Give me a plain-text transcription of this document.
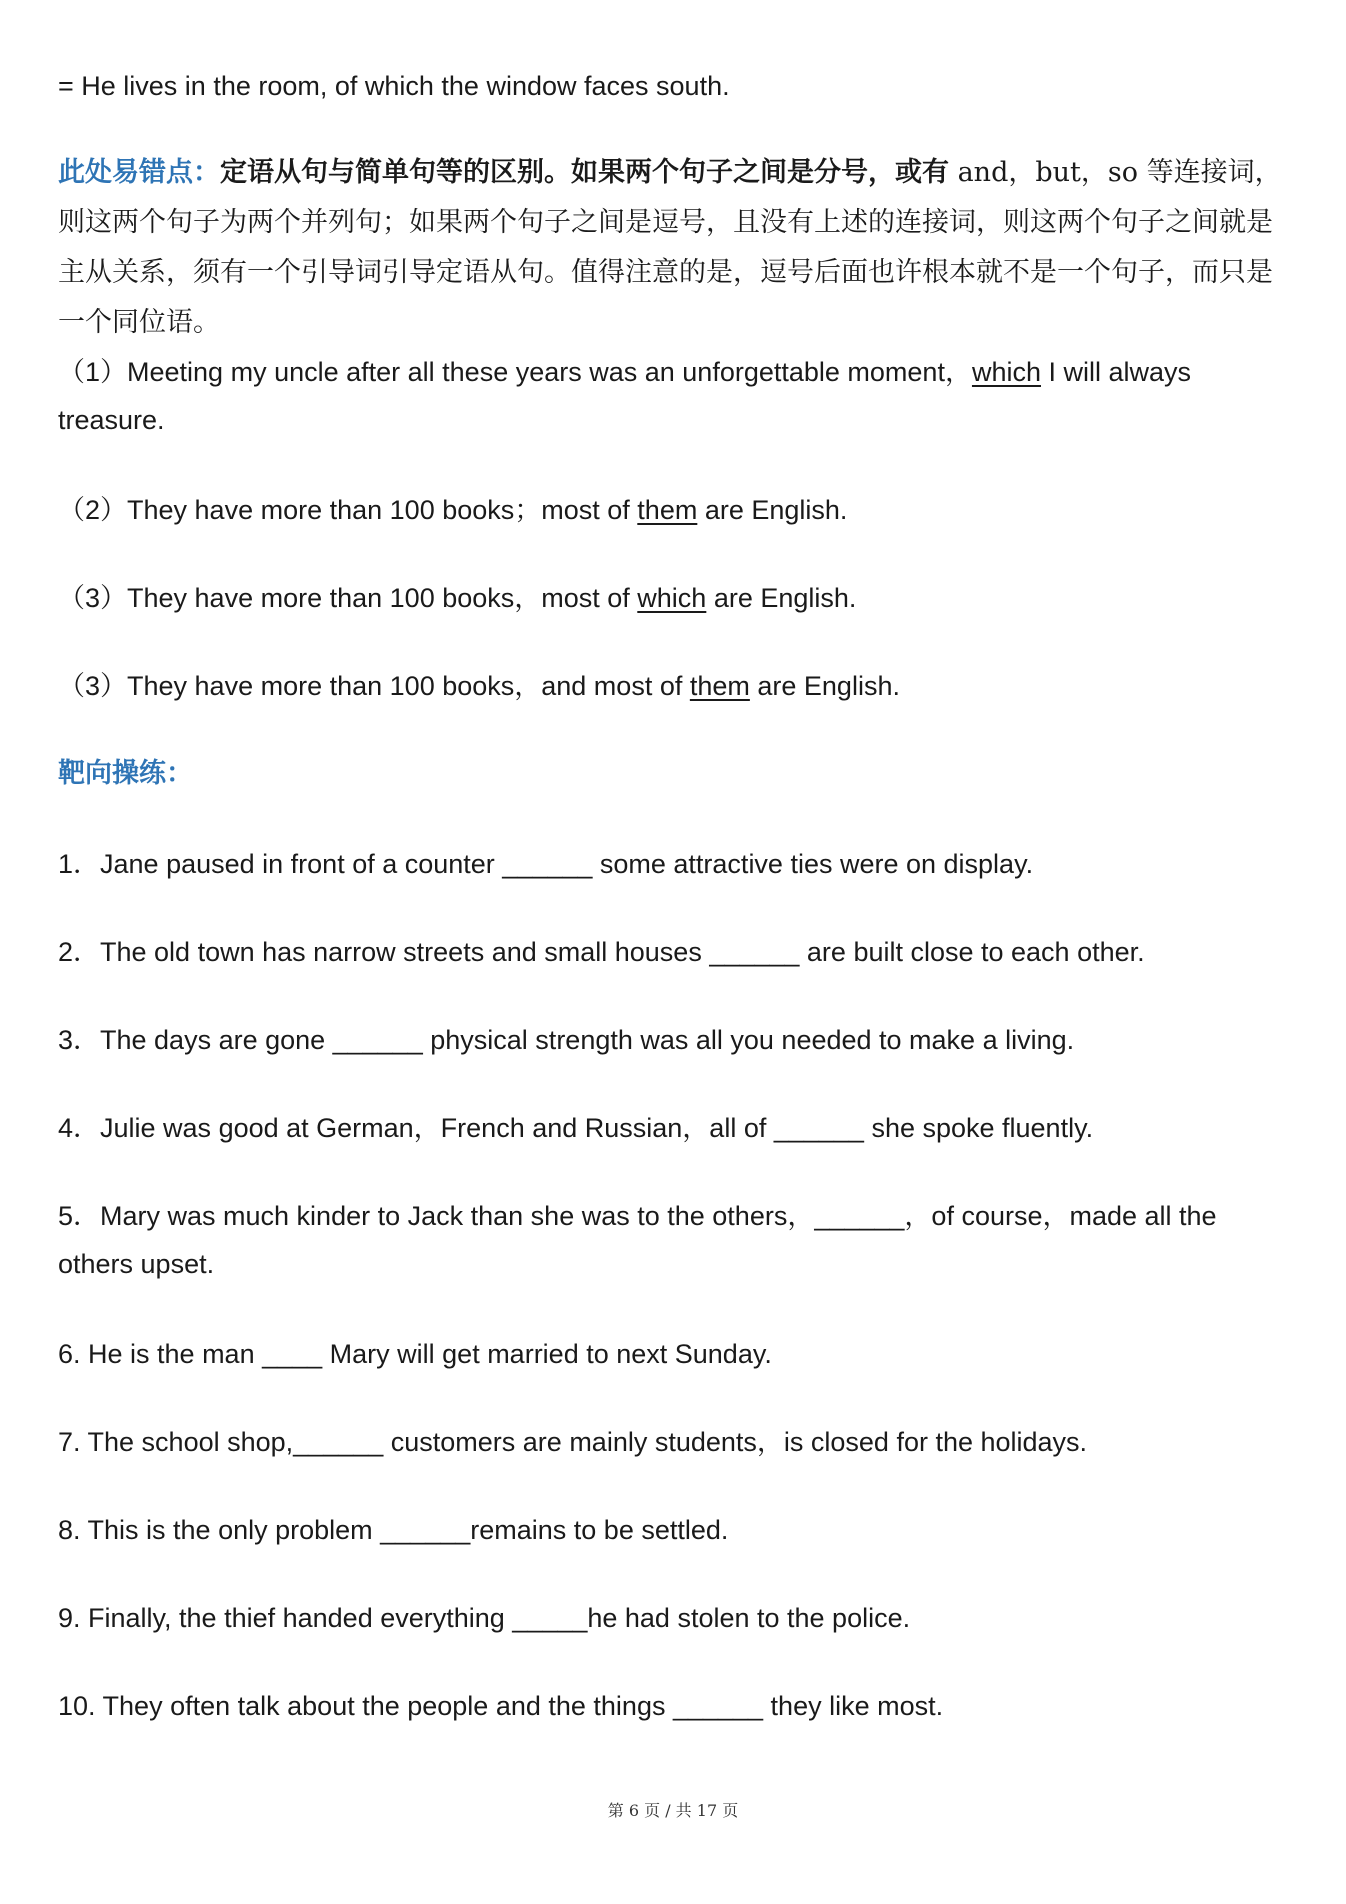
= He lives in the room, of which the window faces south.

此处易错点：定语从句与简单句等的区别。如果两个句子之间是分号，或有 and，but，so 等连接词，则这两个句子为两个并列句；如果两个句子之间是逗号，且没有上述的连接词，则这两个句子之间就是主从关系，须有一个引导词引导定语从句。值得注意的是，逗号后面也许根本就不是一个句子，而只是一个同位语。

（1）Meeting my uncle after all these years was an unforgettable moment，which I will always treasure.
（2）They have more than 100 books；most of them are English.
（3）They have more than 100 books，most of which are English.
（3）They have more than 100 books，and most of them are English.
靶向操练：
1．Jane paused in front of a counter ______ some attractive ties were on display.
2．The old town has narrow streets and small houses ______ are built close to each other.
3．The days are gone ______ physical strength was all you needed to make a living.
4．Julie was good at German，French and Russian，all of ______ she spoke fluently.
5．Mary was much kinder to Jack than she was to the others，______，of course，made all the others upset.
6. He is the man ____ Mary will get married to next Sunday.
7. The school shop,______ customers are mainly students，is closed for the holidays.
8. This is the only problem ______remains to be settled.
9. Finally, the thief handed everything _____he had stolen to the police.
10. They often talk about the people and the things ______ they like most.
第 6 页 / 共 17 页
